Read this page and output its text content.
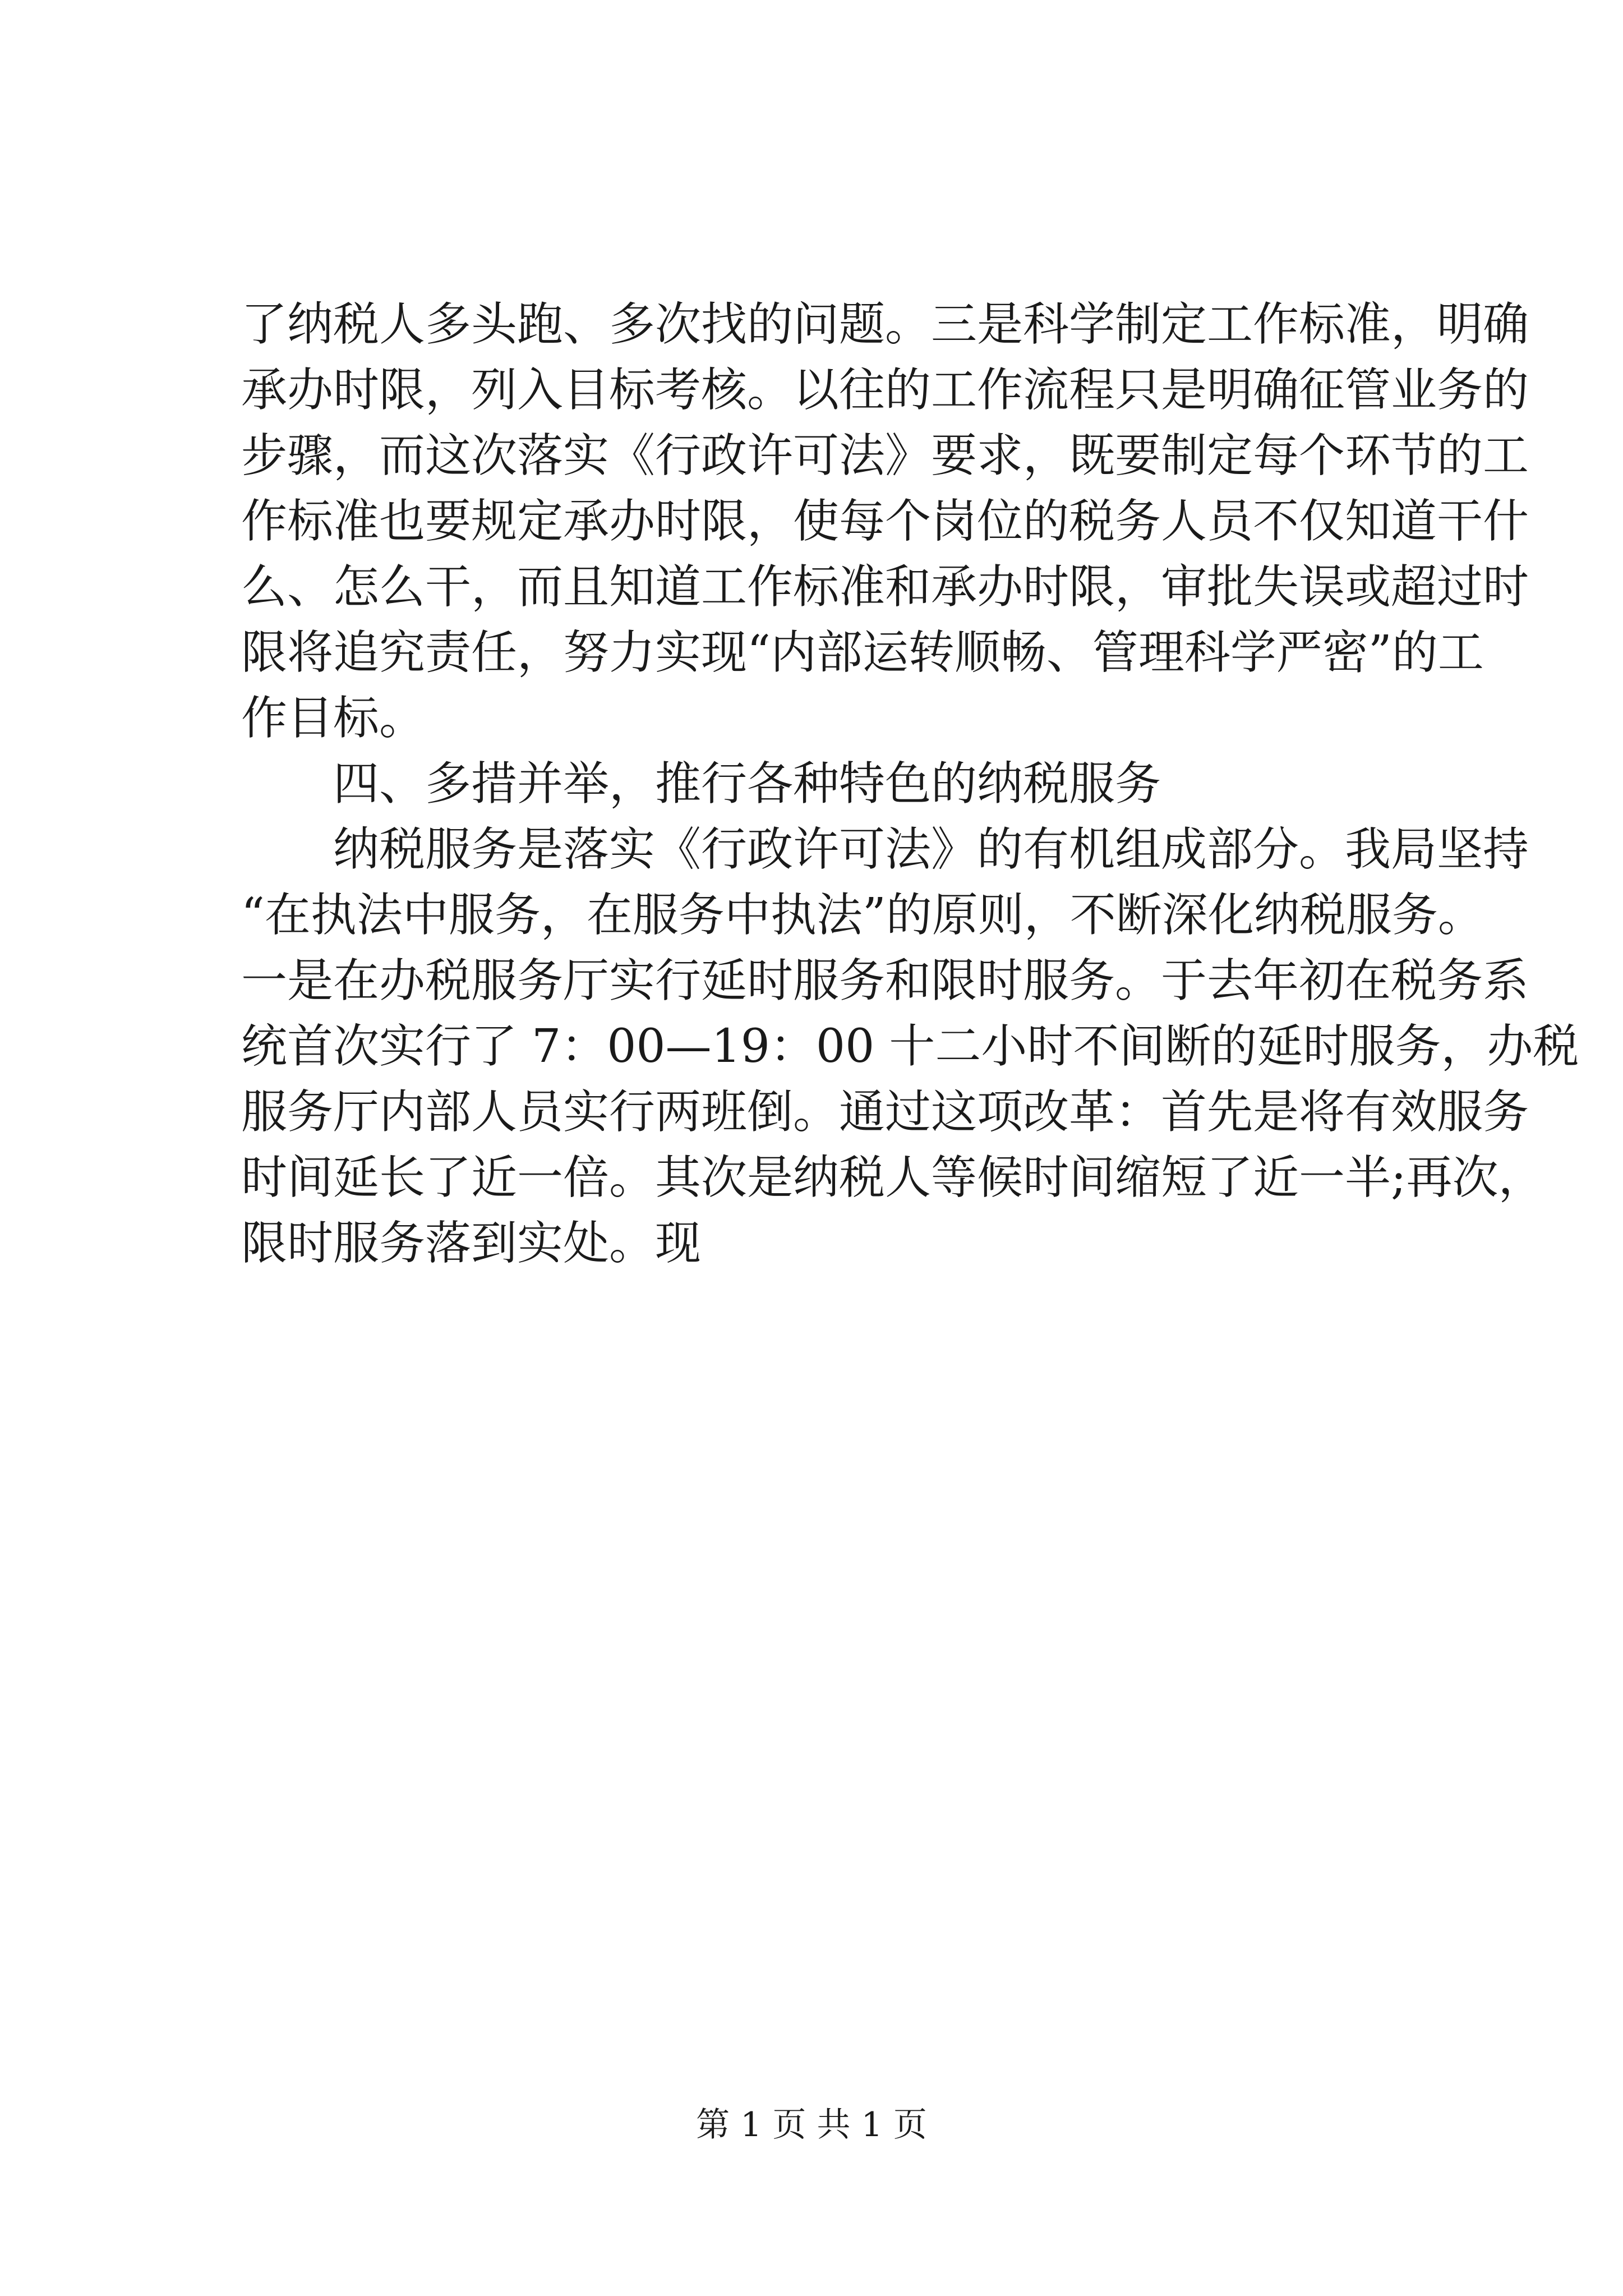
了纳税人多头跑、多次找的问题。三是科学制定工作标准，明确
承办时限，列入目标考核。以往的工作流程只是明确征管业务的
步骤，而这次落实《行政许可法》要求，既要制定每个环节的工
作标准也要规定承办时限，使每个岗位的税务人员不仅知道干什
么、怎么干，而且知道工作标准和承办时限，审批失误或超过时
限将追究责任，努力实现“内部运转顺畅、管理科学严密”的工
作目标。
四、多措并举，推行各种特色的纳税服务
纳税服务是落实《行政许可法》的有机组成部分。我局坚持
“在执法中服务，在服务中执法”的原则，不断深化纳税服务。
一是在办税服务厅实行延时服务和限时服务。于去年初在税务系
统首次实行了 7：00—19：00 十二小时不间断的延时服务，办税
服务厅内部人员实行两班倒。通过这项改革：首先是将有效服务
时间延长了近一倍。其次是纳税人等候时间缩短了近一半;再次，
限时服务落到实处。现
第 1 页 共 1 页
